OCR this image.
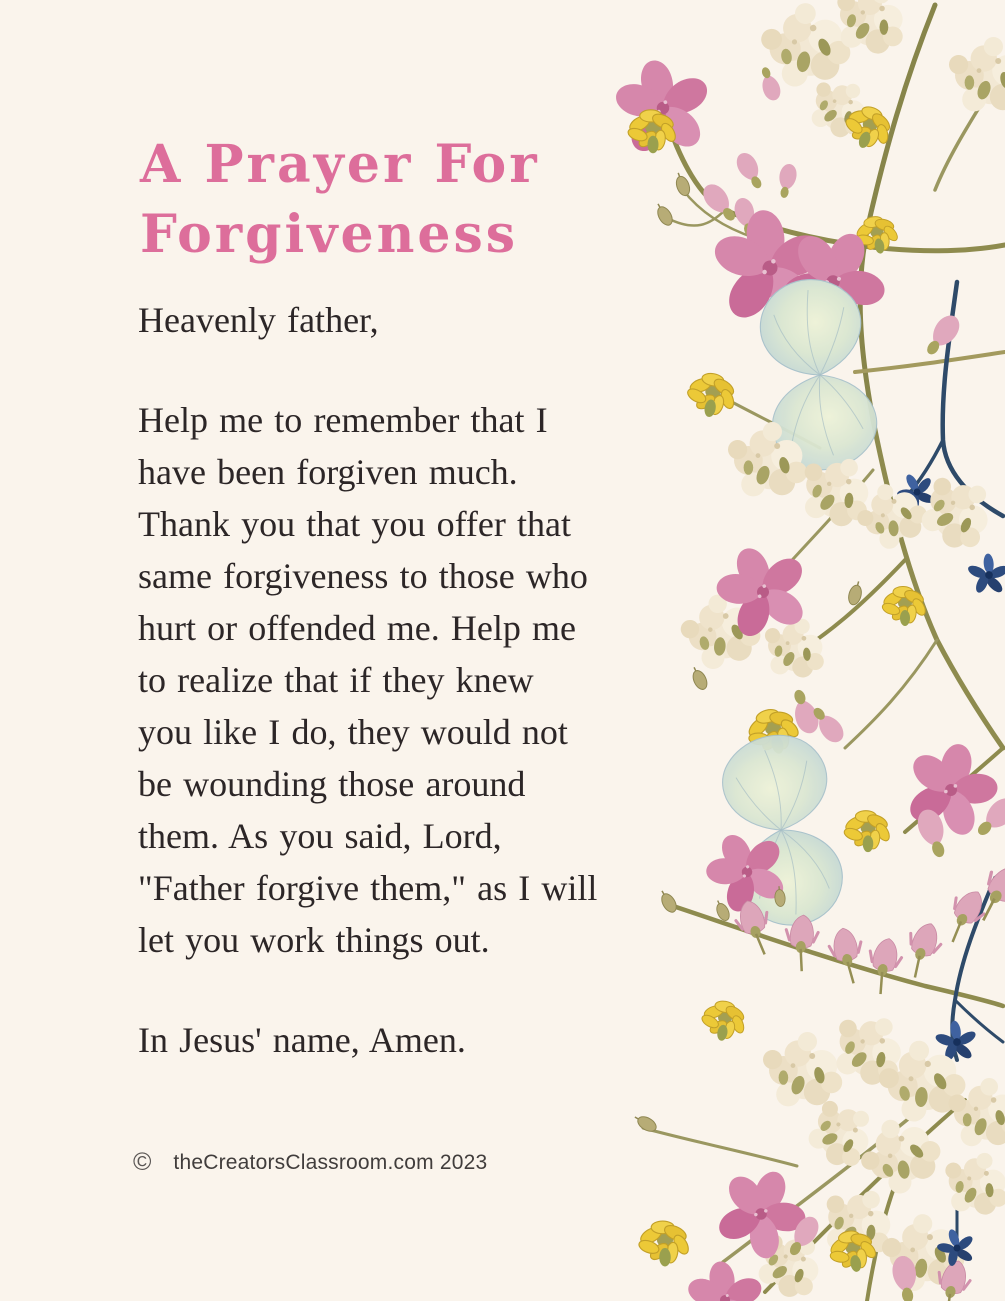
A Prayer For
Forgiveness
Heavenly father,
Help me to remember that I
have been forgiven much.
Thank you that you offer that
same forgiveness to those who
hurt or offended me. Help me
to realize that if they knew
you like I do, they would not
be wounding those around
them. As you said, Lord,
"Father forgive them," as I will
let you work things out.
In Jesus' name, Amen.
© theCreatorsClassroom.com 2023
